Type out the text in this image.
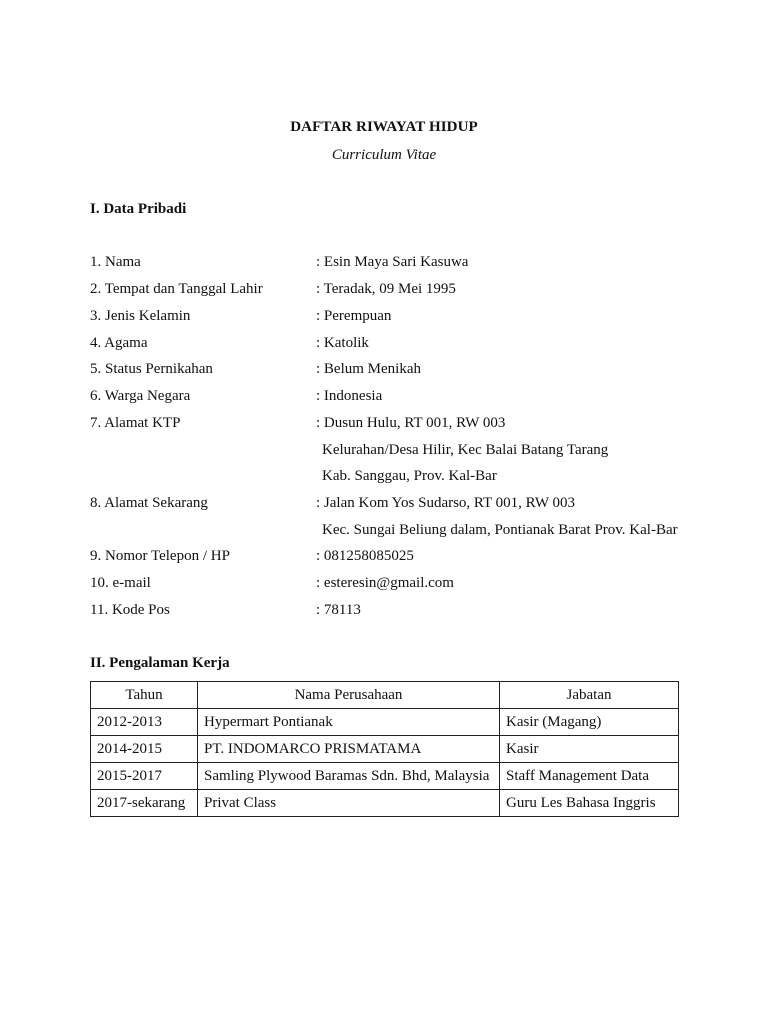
DAFTAR RIWAYAT HIDUP
Curriculum Vitae
I. Data Pribadi
1. Nama	: Esin Maya Sari Kasuwa
2. Tempat dan Tanggal Lahir	: Teradak, 09 Mei 1995
3. Jenis Kelamin	: Perempuan
4. Agama	: Katolik
5. Status Pernikahan	: Belum Menikah
6. Warga Negara	: Indonesia
7. Alamat KTP	: Dusun Hulu, RT 001, RW 003
Kelurahan/Desa Hilir, Kec Balai Batang Tarang
Kab. Sanggau, Prov. Kal-Bar
8. Alamat Sekarang	: Jalan Kom Yos Sudarso, RT 001, RW 003
Kec. Sungai Beliung dalam, Pontianak Barat Prov. Kal-Bar
9. Nomor Telepon / HP	: 081258085025
10. e-mail	: esteresin@gmail.com
11. Kode Pos	: 78113
II. Pengalaman Kerja
Tahun	Nama Perusahaan	Jabatan
2012-2013	Hypermart Pontianak	Kasir (Magang)
2014-2015	PT. INDOMARCO PRISMATAMA	Kasir
2015-2017	Samling Plywood Baramas Sdn. Bhd, Malaysia	Staff Management Data
2017-sekarang	Privat Class	Guru Les Bahasa Inggris
